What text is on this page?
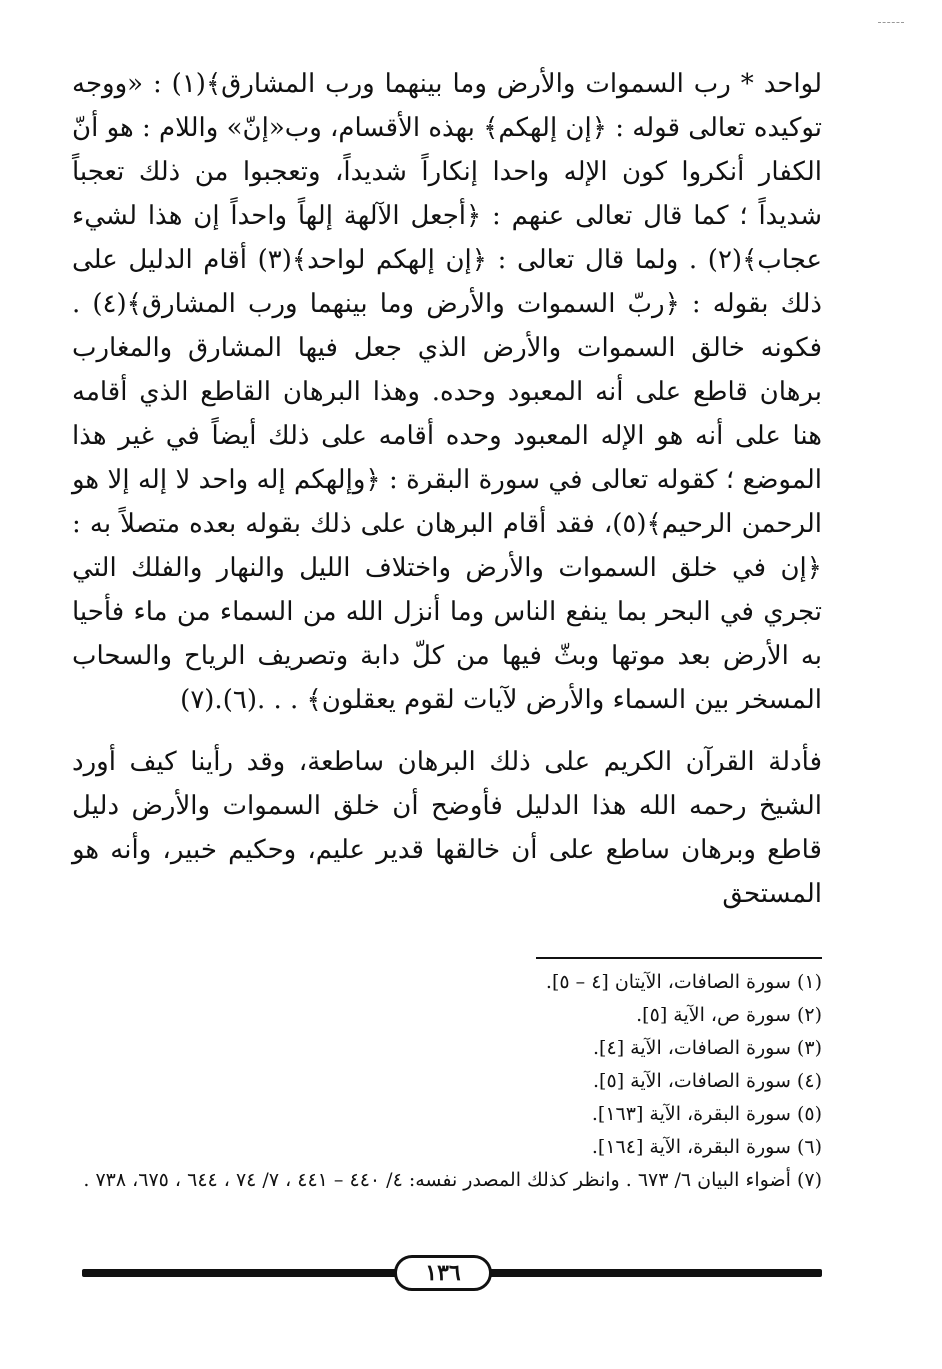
لواحد * رب السموات والأرض وما بينهما ورب المشارق﴾(١) : «ووجه توكيده تعالى قوله : ﴿إن إلهكم﴾ بهذه الأقسام، وب«إنّ» واللام : هو أنّ الكفار أنكروا كون الإله واحدا إنكاراً شديداً، وتعجبوا من ذلك تعجباً شديداً ؛ كما قال تعالى عنهم : ﴿أجعل الآلهة إلهاً واحداً إن هذا لشيء عجاب﴾(٢) . ولما قال تعالى : ﴿إن إلهكم لواحد﴾(٣) أقام الدليل على ذلك بقوله : ﴿ربّ السموات والأرض وما بينهما ورب المشارق﴾(٤) . فكونه خالق السموات والأرض الذي جعل فيها المشارق والمغارب برهان قاطع على أنه المعبود وحده. وهذا البرهان القاطع الذي أقامه هنا على أنه هو الإله المعبود وحده أقامه على ذلك أيضاً في غير هذا الموضع ؛ كقوله تعالى في سورة البقرة : ﴿وإلهكم إله واحد لا إله إلا هو الرحمن الرحيم﴾(٥)، فقد أقام البرهان على ذلك بقوله بعده متصلاً به : ﴿إن في خلق السموات والأرض واختلاف الليل والنهار والفلك التي تجري في البحر بما ينفع الناس وما أنزل الله من السماء من ماء فأحيا به الأرض بعد موتها وبثّ فيها من كلّ دابة وتصريف الرياح والسحاب المسخر بين السماء والأرض لآيات لقوم يعقلون﴾ . . .(٦).(٧)

فأدلة القرآن الكريم على ذلك البرهان ساطعة، وقد رأينا كيف أورد الشيخ رحمه الله هذا الدليل فأوضح أن خلق السموات والأرض دليل قاطع وبرهان ساطع على أن خالقها قدير عليم، وحكيم خبير، وأنه هو المستحق

(١) سورة الصافات، الآيتان [٤ – ٥].
(٢) سورة ص، الآية [٥].
(٣) سورة الصافات، الآية [٤].
(٤) سورة الصافات، الآية [٥].
(٥) سورة البقرة، الآية [١٦٣].
(٦) سورة البقرة، الآية [١٦٤].
(٧) أضواء البيان ٦/ ٦٧٣ . وانظر كذلك المصدر نفسه: ٤/ ٤٤٠ – ٤٤١ ، ٧/ ٧٤ ، ٦٤٤ ، ٦٧٥، ٧٣٨ .
١٣٦
